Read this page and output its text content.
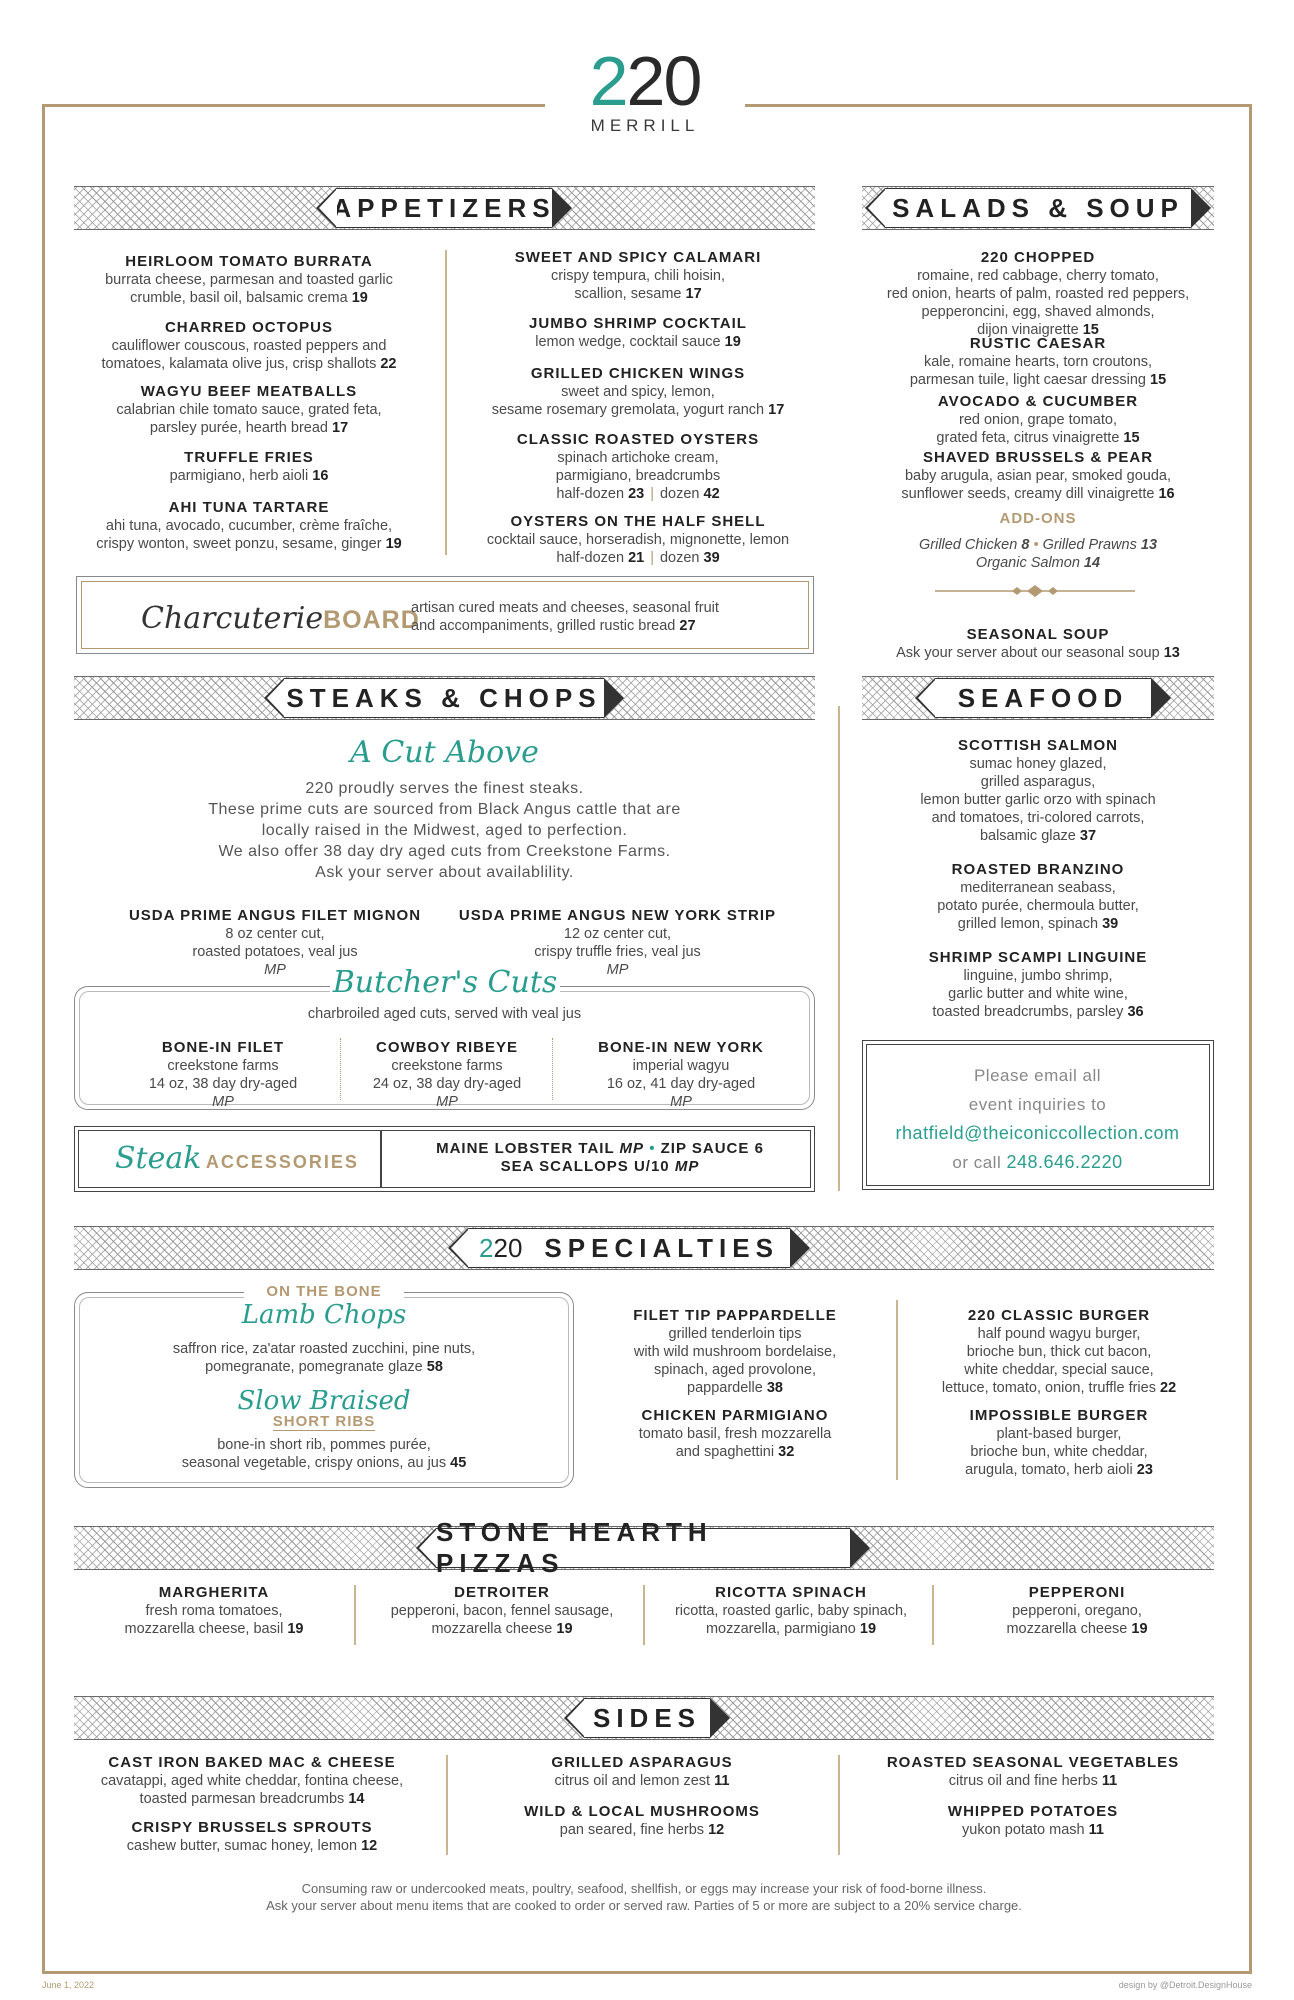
220
MERRILL
APPETIZERS	SALADS & SOUP
HEIRLOOM TOMATO BURRATA
burrata cheese, parmesan and toasted garlic
crumble, basil oil, balsamic crema 19
CHARRED OCTOPUS
cauliflower couscous, roasted peppers and
tomatoes, kalamata olive jus, crisp shallots 22
WAGYU BEEF MEATBALLS
calabrian chile tomato sauce, grated feta,
parsley purée, hearth bread 17
TRUFFLE FRIES
parmigiano, herb aioli 16
AHI TUNA TARTARE
ahi tuna, avocado, cucumber, crème fraîche,
crispy wonton, sweet ponzu, sesame, ginger 19
SWEET AND SPICY CALAMARI
crispy tempura, chili hoisin,
scallion, sesame 17
JUMBO SHRIMP COCKTAIL
lemon wedge, cocktail sauce 19
GRILLED CHICKEN WINGS
sweet and spicy, lemon,
sesame rosemary gremolata, yogurt ranch 17
CLASSIC ROASTED OYSTERS
spinach artichoke cream,
parmigiano, breadcrumbs
half-dozen 23 | dozen 42
OYSTERS ON THE HALF SHELL
cocktail sauce, horseradish, mignonette, lemon
half-dozen 21 | dozen 39
CharcuterieBOARD
artisan cured meats and cheeses, seasonal fruit
and accompaniments, grilled rustic bread 27
220 CHOPPED
romaine, red cabbage, cherry tomato,
red onion, hearts of palm, roasted red peppers,
pepperoncini, egg, shaved almonds,
dijon vinaigrette 15
RUSTIC CAESAR
kale, romaine hearts, torn croutons,
parmesan tuile, light caesar dressing 15
AVOCADO & CUCUMBER
red onion, grape tomato,
grated feta, citrus vinaigrette 15
SHAVED BRUSSELS & PEAR
baby arugula, asian pear, smoked gouda,
sunflower seeds, creamy dill vinaigrette 16
ADD-ONS
Grilled Chicken 8 • Grilled Prawns 13
Organic Salmon 14
SEASONAL SOUP
Ask your server about our seasonal soup 13
STEAKS & CHOPS	SEAFOOD
A Cut Above
220 proudly serves the finest steaks.
These prime cuts are sourced from Black Angus cattle that are
locally raised in the Midwest, aged to perfection.
We also offer 38 day dry aged cuts from Creekstone Farms.
Ask your server about availablility.
USDA PRIME ANGUS FILET MIGNON
8 oz center cut,
roasted potatoes, veal jus
MP
USDA PRIME ANGUS NEW YORK STRIP
12 oz center cut,
crispy truffle fries, veal jus
MP
Butcher's Cuts
charbroiled aged cuts, served with veal jus
BONE-IN FILET
creekstone farms
14 oz, 38 day dry-aged
MP
COWBOY RIBEYE
creekstone farms
24 oz, 38 day dry-aged
MP
BONE-IN NEW YORK
imperial wagyu
16 oz, 41 day dry-aged
MP
Steak ACCESSORIES
MAINE LOBSTER TAIL MP • ZIP SAUCE 6
SEA SCALLOPS U/10 MP
SCOTTISH SALMON
sumac honey glazed,
grilled asparagus,
lemon butter garlic orzo with spinach
and tomatoes, tri-colored carrots,
balsamic glaze 37
ROASTED BRANZINO
mediterranean seabass,
potato purée, chermoula butter,
grilled lemon, spinach 39
SHRIMP SCAMPI LINGUINE
linguine, jumbo shrimp,
garlic butter and white wine,
toasted breadcrumbs, parsley 36
Please email all
event inquiries to
rhatfield@theiconiccollection.com
or call 248.646.2220
220 SPECIALTIES
ON THE BONE
Lamb Chops
saffron rice, za'atar roasted zucchini, pine nuts,
pomegranate, pomegranate glaze 58
Slow Braised
SHORT RIBS
bone-in short rib, pommes purée,
seasonal vegetable, crispy onions, au jus 45
FILET TIP PAPPARDELLE
grilled tenderloin tips
with wild mushroom bordelaise,
spinach, aged provolone,
pappardelle 38
CHICKEN PARMIGIANO
tomato basil, fresh mozzarella
and spaghettini 32
220 CLASSIC BURGER
half pound wagyu burger,
brioche bun, thick cut bacon,
white cheddar, special sauce,
lettuce, tomato, onion, truffle fries 22
IMPOSSIBLE BURGER
plant-based burger,
brioche bun, white cheddar,
arugula, tomato, herb aioli 23
STONE HEARTH PIZZAS
MARGHERITA
fresh roma tomatoes,
mozzarella cheese, basil 19
DETROITER
pepperoni, bacon, fennel sausage,
mozzarella cheese 19
RICOTTA SPINACH
ricotta, roasted garlic, baby spinach,
mozzarella, parmigiano 19
PEPPERONI
pepperoni, oregano,
mozzarella cheese 19
SIDES
CAST IRON BAKED MAC & CHEESE
cavatappi, aged white cheddar, fontina cheese,
toasted parmesan breadcrumbs 14
CRISPY BRUSSELS SPROUTS
cashew butter, sumac honey, lemon 12
GRILLED ASPARAGUS
citrus oil and lemon zest 11
WILD & LOCAL MUSHROOMS
pan seared, fine herbs 12
ROASTED SEASONAL VEGETABLES
citrus oil and fine herbs 11
WHIPPED POTATOES
yukon potato mash 11
Consuming raw or undercooked meats, poultry, seafood, shellfish, or eggs may increase your risk of food-borne illness.
Ask your server about menu items that are cooked to order or served raw. Parties of 5 or more are subject to a 20% service charge.
June 1, 2022	design by @Detroit.DesignHouse
